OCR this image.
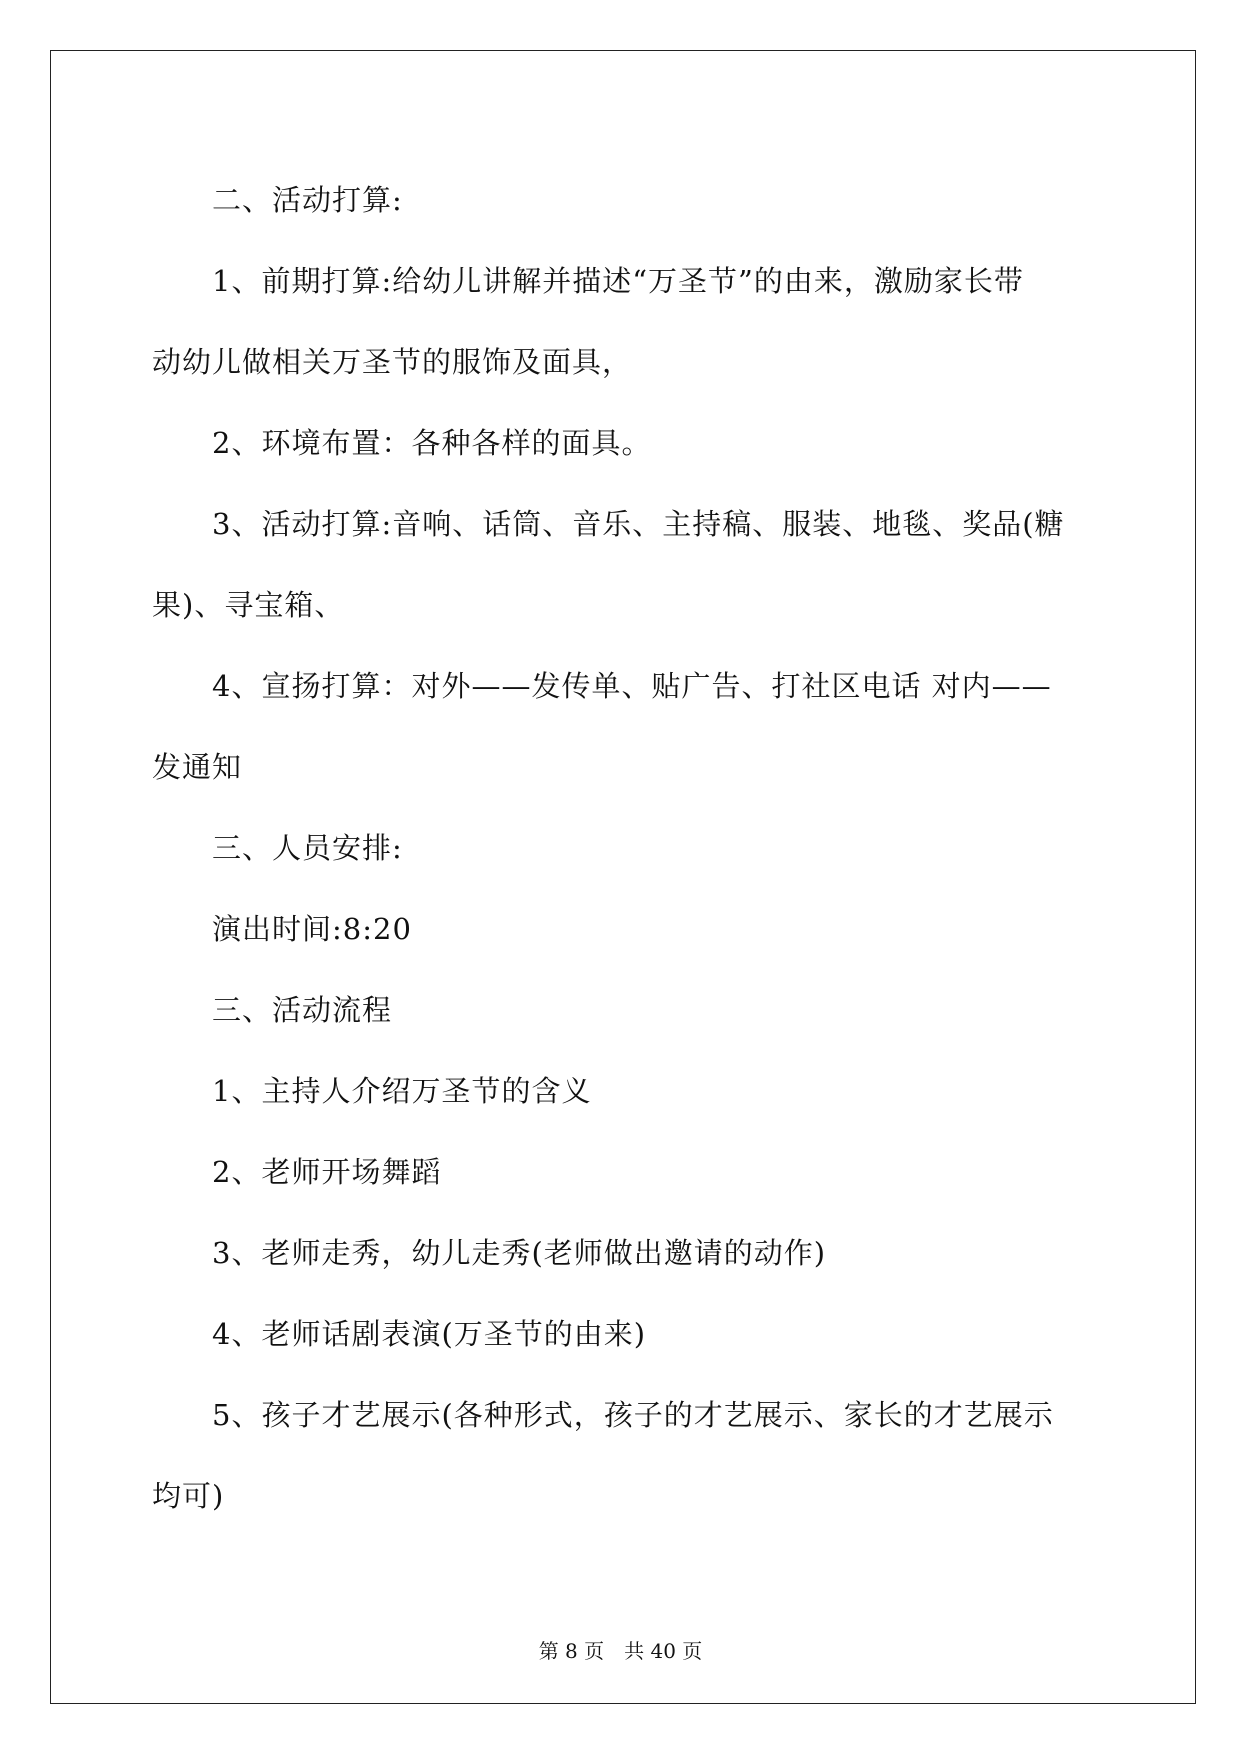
二、活动打算:
1、前期打算:给幼儿讲解并描述“万圣节”的由来，激励家长带
动幼儿做相关万圣节的服饰及面具，
2、环境布置：各种各样的面具。
3、活动打算:音响、话筒、音乐、主持稿、服装、地毯、奖品(糖
果)、寻宝箱、
4、宣扬打算：对外——发传单、贴广告、打社区电话 对内——
发通知
三、人员安排:
演出时间:8:20
三、活动流程
1、主持人介绍万圣节的含义
2、老师开场舞蹈
3、老师走秀，幼儿走秀(老师做出邀请的动作)
4、老师话剧表演(万圣节的由来)
5、孩子才艺展示(各种形式，孩子的才艺展示、家长的才艺展示
均可)
第 8 页　共 40 页
